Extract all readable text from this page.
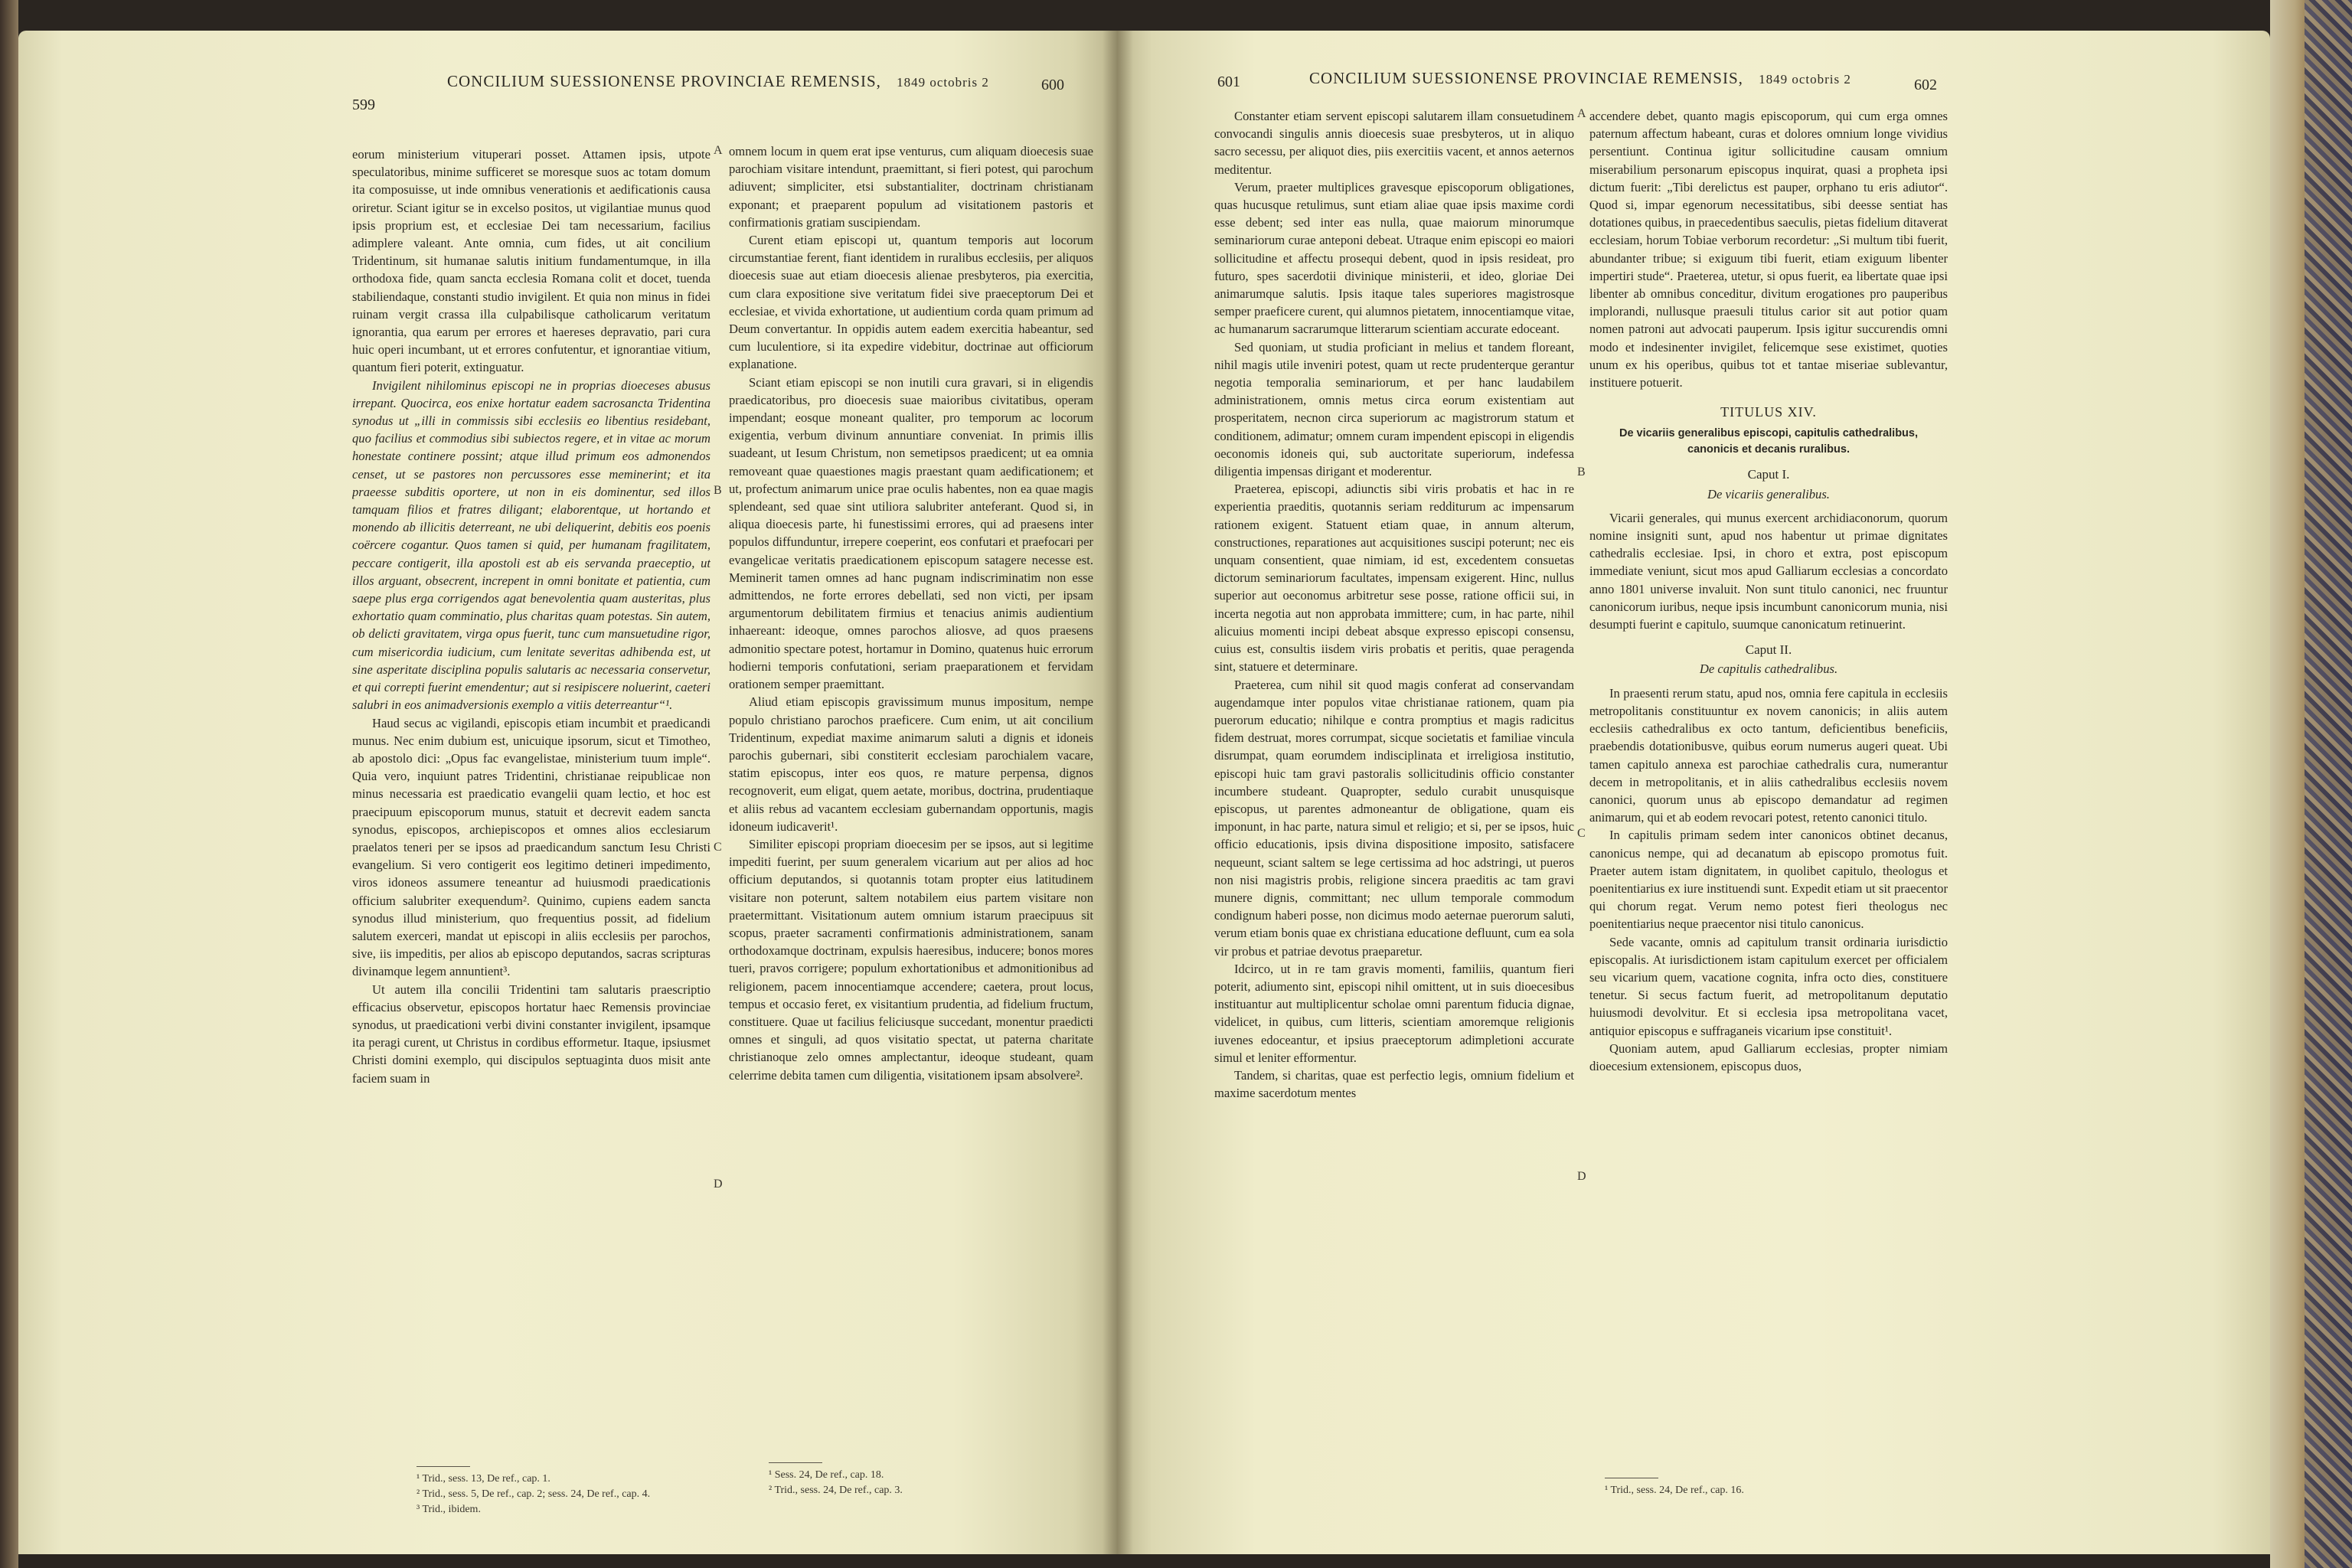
CONCILIUM SUESSIONENSE PROVINCIAE REMENSIS, 1849 octobris 2
599
600

eorum ministerium vituperari posset. Attamen ipsis, utpote speculatoribus, minime sufficeret se moresque suos ac totam domum ita composuisse, ut inde omnibus venerationis et aedificationis causa oriretur. Sciant igitur se in excelso positos, ut vigilantiae munus quod ipsis proprium est, et ecclesiae Dei tam necessarium, facilius adimplere valeant. Ante omnia, cum fides, ut ait concilium Tridentinum, sit humanae salutis initium fundamentumque, in illa orthodoxa fide, quam sancta ecclesia Romana colit et docet, tuenda stabiliendaque, constanti studio invigilent. Et quia non minus in fidei ruinam vergit crassa illa culpabilisque catholicarum veritatum ignorantia, qua earum per errores et haereses depravatio, pari cura huic operi incumbant, ut et errores confutentur, et ignorantiae vitium, quantum fieri poterit, extinguatur.

Invigilent nihilominus episcopi ne in proprias dioeceses abusus irrepant. Quocirca, eos enixe hortatur eadem sacrosancta Tridentina synodus ut „illi in commissis sibi ecclesiis eo libentius residebant, quo facilius et commodius sibi subiectos regere, et in vitae ac morum honestate continere possint; atque illud primum eos admonendos censet, ut se pastores non percussores esse meminerint; et ita praeesse subditis oportere, ut non in eis dominentur, sed illos tamquam filios et fratres diligant; elaborentque, ut hortando et monendo ab illicitis deterreant, ne ubi deliquerint, debitis eos poenis coërcere cogantur. Quos tamen si quid, per humanam fragilitatem, peccare contigerit, illa apostoli est ab eis servanda praeceptio, ut illos arguant, obsecrent, increpent in omni bonitate et patientia, cum saepe plus erga corrigendos agat benevolentia quam austeritas, plus exhortatio quam comminatio, plus charitas quam potestas. Sin autem, ob delicti gravitatem, virga opus fuerit, tunc cum mansuetudine rigor, cum misericordia iudicium, cum lenitate severitas adhibenda est, ut sine asperitate disciplina populis salutaris ac necessaria conservetur, et qui correpti fuerint emendentur; aut si resipiscere noluerint, caeteri salubri in eos animadversionis exemplo a vitiis deterreantur“¹.

Haud secus ac vigilandi, episcopis etiam incumbit et praedicandi munus. Nec enim dubium est, unicuique ipsorum, sicut et Timotheo, ab apostolo dici: „Opus fac evangelistae, ministerium tuum imple“. Quia vero, inquiunt patres Tridentini, christianae reipublicae non minus necessaria est praedicatio evangelii quam lectio, et hoc est praecipuum episcoporum munus, statuit et decrevit eadem sancta synodus, episcopos, archiepiscopos et omnes alios ecclesiarum praelatos teneri per se ipsos ad praedicandum sanctum Iesu Christi evangelium. Si vero contigerit eos legitimo detineri impedimento, viros idoneos assumere teneantur ad huiusmodi praedicationis officium salubriter exequendum². Quinimo, cupiens eadem sancta synodus illud ministerium, quo frequentius possit, ad fidelium salutem exerceri, mandat ut episcopi in aliis ecclesiis per parochos, sive, iis impeditis, per alios ab episcopo deputandos, sacras scripturas divinamque legem annuntient³.

Ut autem illa concilii Tridentini tam salutaris praescriptio efficacius observetur, episcopos hortatur haec Remensis provinciae synodus, ut praedicationi verbi divini constanter invigilent, ipsamque ita peragi curent, ut Christus in cordibus efformetur. Itaque, ipsiusmet Christi domini exemplo, qui discipulos septuaginta duos misit ante faciem suam in

A
B
C
D

omnem locum in quem erat ipse venturus, cum aliquam dioecesis suae parochiam visitare intendunt, praemittant, si fieri potest, qui parochum adiuvent; simpliciter, etsi substantialiter, doctrinam christianam exponant; et praeparent populum ad visitationem pastoris et confirmationis gratiam suscipiendam.

Curent etiam episcopi ut, quantum temporis aut locorum circumstantiae ferent, fiant identidem in ruralibus ecclesiis, per aliquos dioecesis suae aut etiam dioecesis alienae presbyteros, pia exercitia, cum clara expositione sive veritatum fidei sive praeceptorum Dei et ecclesiae, et vivida exhortatione, ut audientium corda quam primum ad Deum convertantur. In oppidis autem eadem exercitia habeantur, sed cum luculentiore, si ita expedire videbitur, doctrinae aut officiorum explanatione.

Sciant etiam episcopi se non inutili cura gravari, si in eligendis praedicatoribus, pro dioecesis suae maioribus civitatibus, operam impendant; eosque moneant qualiter, pro temporum ac locorum exigentia, verbum divinum annuntiare conveniat. In primis illis suadeant, ut Iesum Christum, non semetipsos praedicent; ut ea omnia removeant quae quaestiones magis praestant quam aedificationem; et ut, profectum animarum unice prae oculis habentes, non ea quae magis splendeant, sed quae sint utiliora salubriter anteferant. Quod si, in aliqua dioecesis parte, hi funestissimi errores, qui ad praesens inter populos diffunduntur, irrepere coeperint, eos confutari et praefocari per evangelicae veritatis praedicationem episcopum satagere necesse est. Meminerit tamen omnes ad hanc pugnam indiscriminatim non esse admittendos, ne forte errores debellati, sed non victi, per ipsam argumentorum debilitatem firmius et tenacius animis audientium inhaereant: ideoque, omnes parochos aliosve, ad quos praesens admonitio spectare potest, hortamur in Domino, quatenus huic errorum hodierni temporis confutationi, seriam praeparationem et fervidam orationem semper praemittant.

Aliud etiam episcopis gravissimum munus impositum, nempe populo christiano parochos praeficere. Cum enim, ut ait concilium Tridentinum, expediat maxime animarum saluti a dignis et idoneis parochis gubernari, sibi constiterit ecclesiam parochialem vacare, statim episcopus, inter eos quos, re mature perpensa, dignos recognoverit, eum eligat, quem aetate, moribus, doctrina, prudentiaque et aliis rebus ad vacantem ecclesiam gubernandam opportunis, magis idoneum iudicaverit¹.

Similiter episcopi propriam dioecesim per se ipsos, aut si legitime impediti fuerint, per suum generalem vicarium aut per alios ad hoc officium deputandos, si quotannis totam propter eius latitudinem visitare non poterunt, saltem notabilem eius partem visitare non praetermittant. Visitationum autem omnium istarum praecipuus sit scopus, praeter sacramenti confirmationis administrationem, sanam orthodoxamque doctrinam, expulsis haeresibus, inducere; bonos mores tueri, pravos corrigere; populum exhortationibus et admonitionibus ad religionem, pacem innocentiamque accendere; caetera, prout locus, tempus et occasio feret, ex visitantium prudentia, ad fidelium fructum, constituere. Quae ut facilius feliciusque succedant, monentur praedicti omnes et singuli, ad quos visitatio spectat, ut paterna charitate christianoque zelo omnes amplectantur, ideoque studeant, quam celerrime debita tamen cum diligentia, visitationem ipsam absolvere².

¹ Trid., sess. 13, De ref., cap. 1.
² Trid., sess. 5, De ref., cap. 2; sess. 24, De ref., cap. 4.
³ Trid., ibidem.
¹ Sess. 24, De ref., cap. 18.
² Trid., sess. 24, De ref., cap. 3.
601	CONCILIUM SUESSIONENSE PROVINCIAE REMENSIS, 1849 octobris 2	602

Constanter etiam servent episcopi salutarem illam consuetudinem convocandi singulis annis dioecesis suae presbyteros, ut in aliquo sacro secessu, per aliquot dies, piis exercitiis vacent, et annos aeternos meditentur.

Verum, praeter multiplices gravesque episcoporum obligationes, quas hucusque retulimus, sunt etiam aliae quae ipsis maxime cordi esse debent; sed inter eas nulla, quae maiorum minorumque seminariorum curae anteponi debeat. Utraque enim episcopi eo maiori sollicitudine et affectu prosequi debent, quod in ipsis resideat, pro futuro, spes sacerdotii divinique ministerii, et ideo, gloriae Dei animarumque salutis. Ipsis itaque tales superiores magistrosque semper praeficere curent, qui alumnos pietatem, innocentiamque vitae, ac humanarum sacrarumque litterarum scientiam accurate edoceant.

Sed quoniam, ut studia proficiant in melius et tandem floreant, nihil magis utile inveniri potest, quam ut recte prudenterque gerantur negotia temporalia seminariorum, et per hanc laudabilem administrationem, omnis metus circa eorum existentiam aut prosperitatem, necnon circa superiorum ac magistrorum statum et conditionem, adimatur; omnem curam impendent episcopi in eligendis oeconomis idoneis qui, sub auctoritate superiorum, indefessa diligentia impensas dirigant et moderentur.

Praeterea, episcopi, adiunctis sibi viris probatis et hac in re experientia praeditis, quotannis seriam redditurum ac impensarum rationem exigent. Statuent etiam quae, in annum alterum, constructiones, reparationes aut acquisitiones suscipi poterunt; nec eis unquam consentient, quae nimiam, id est, excedentem consuetas dictorum seminariorum facultates, impensam exigerent. Hinc, nullus superior aut oeconomus arbitretur sese posse, ratione officii sui, in incerta negotia aut non approbata immittere; cum, in hac parte, nihil alicuius momenti incipi debeat absque expresso episcopi consensu, cuius est, consultis iisdem viris probatis et peritis, quae peragenda sint, statuere et determinare.

Praeterea, cum nihil sit quod magis conferat ad conservandam augendamque inter populos vitae christianae rationem, quam pia puerorum educatio; nihilque e contra promptius et magis radicitus fidem destruat, mores corrumpat, sicque societatis et familiae vincula disrumpat, quam eorumdem indisciplinata et irreligiosa institutio, episcopi huic tam gravi pastoralis sollicitudinis officio constanter incumbere studeant. Quapropter, sedulo curabit unusquisque episcopus, ut parentes admoneantur de obligatione, quam eis imponunt, in hac parte, natura simul et religio; et si, per se ipsos, huic officio educationis, ipsis divina dispositione imposito, satisfacere nequeunt, sciant saltem se lege certissima ad hoc adstringi, ut pueros non nisi magistris probis, religione sincera praeditis ac tam gravi munere dignis, committant; nec ullum temporale commodum condignum haberi posse, non dicimus modo aeternae puerorum saluti, verum etiam bonis quae ex christiana educatione defluunt, cum ea sola vir probus et patriae devotus praeparetur.

Idcirco, ut in re tam gravis momenti, familiis, quantum fieri poterit, adiumento sint, episcopi nihil omittent, ut in suis dioecesibus instituantur aut multiplicentur scholae omni parentum fiducia dignae, videlicet, in quibus, cum litteris, scientiam amoremque religionis iuvenes edoceantur, et ipsius praeceptorum adimpletioni accurate simul et leniter efformentur.

Tandem, si charitas, quae est perfectio legis, omnium fidelium et maxime sacerdotum mentes

A
B
C
D

accendere debet, quanto magis episcoporum, qui cum erga omnes paternum affectum habeant, curas et dolores omnium longe vividius persentiunt. Continua igitur sollicitudine causam omnium miserabilium personarum episcopus inquirat, quasi a propheta ipsi dictum fuerit: „Tibi derelictus est pauper, orphano tu eris adiutor“. Quod si, impar egenorum necessitatibus, sibi deesse sentiat has dotationes quibus, in praecedentibus saeculis, pietas fidelium ditaverat ecclesiam, horum Tobiae verborum recordetur: „Si multum tibi fuerit, abundanter tribue; si exiguum tibi fuerit, etiam exiguum libenter impertiri stude“. Praeterea, utetur, si opus fuerit, ea libertate quae ipsi libenter ab omnibus conceditur, divitum erogationes pro pauperibus implorandi, nullusque praesuli titulus carior sit aut potior quam nomen patroni aut advocati pauperum. Ipsis igitur succurendis omni modo et indesinenter invigilet, felicemque sese existimet, quoties unum ex his operibus, quibus tot et tantae miseriae sublevantur, instituere potuerit.

TITULUS XIV.
De vicariis generalibus episcopi, capitulis cathedralibus, canonicis et decanis ruralibus.
Caput I.
De vicariis generalibus.

Vicarii generales, qui munus exercent archidiaconorum, quorum nomine insigniti sunt, apud nos habentur ut primae dignitates cathedralis ecclesiae. Ipsi, in choro et extra, post episcopum immediate veniunt, sicut mos apud Galliarum ecclesias a concordato anno 1801 universe invaluit. Non sunt titulo canonici, nec fruuntur canonicorum iuribus, neque ipsis incumbunt canonicorum munia, nisi desumpti fuerint e capitulo, suumque canonicatum retinuerint.

Caput II.
De capitulis cathedralibus.

In praesenti rerum statu, apud nos, omnia fere capitula in ecclesiis metropolitanis constituuntur ex novem canonicis; in aliis autem ecclesiis cathedralibus ex octo tantum, deficientibus beneficiis, praebendis dotationibusve, quibus eorum numerus augeri queat. Ubi tamen capitulo annexa est parochiae cathedralis cura, numerantur decem in metropolitanis, et in aliis cathedralibus ecclesiis novem canonici, quorum unus ab episcopo demandatur ad regimen animarum, qui et ab eodem revocari potest, retento canonici titulo.

In capitulis primam sedem inter canonicos obtinet decanus, canonicus nempe, qui ad decanatum ab episcopo promotus fuit. Praeter autem istam dignitatem, in quolibet capitulo, theologus et poenitentiarius ex iure instituendi sunt. Expedit etiam ut sit praecentor qui chorum regat. Verum nemo potest fieri theologus nec poenitentiarius neque praecentor nisi titulo canonicus.

Sede vacante, omnis ad capitulum transit ordinaria iurisdictio episcopalis. At iurisdictionem istam capitulum exercet per officialem seu vicarium quem, vacatione cognita, infra octo dies, constituere tenetur. Si secus factum fuerit, ad metropolitanum deputatio huiusmodi devolvitur. Et si ecclesia ipsa metropolitana vacet, antiquior episcopus e suffraganeis vicarium ipse constituit¹.

Quoniam autem, apud Galliarum ecclesias, propter nimiam dioecesium extensionem, episcopus duos,

¹ Trid., sess. 24, De ref., cap. 16.
